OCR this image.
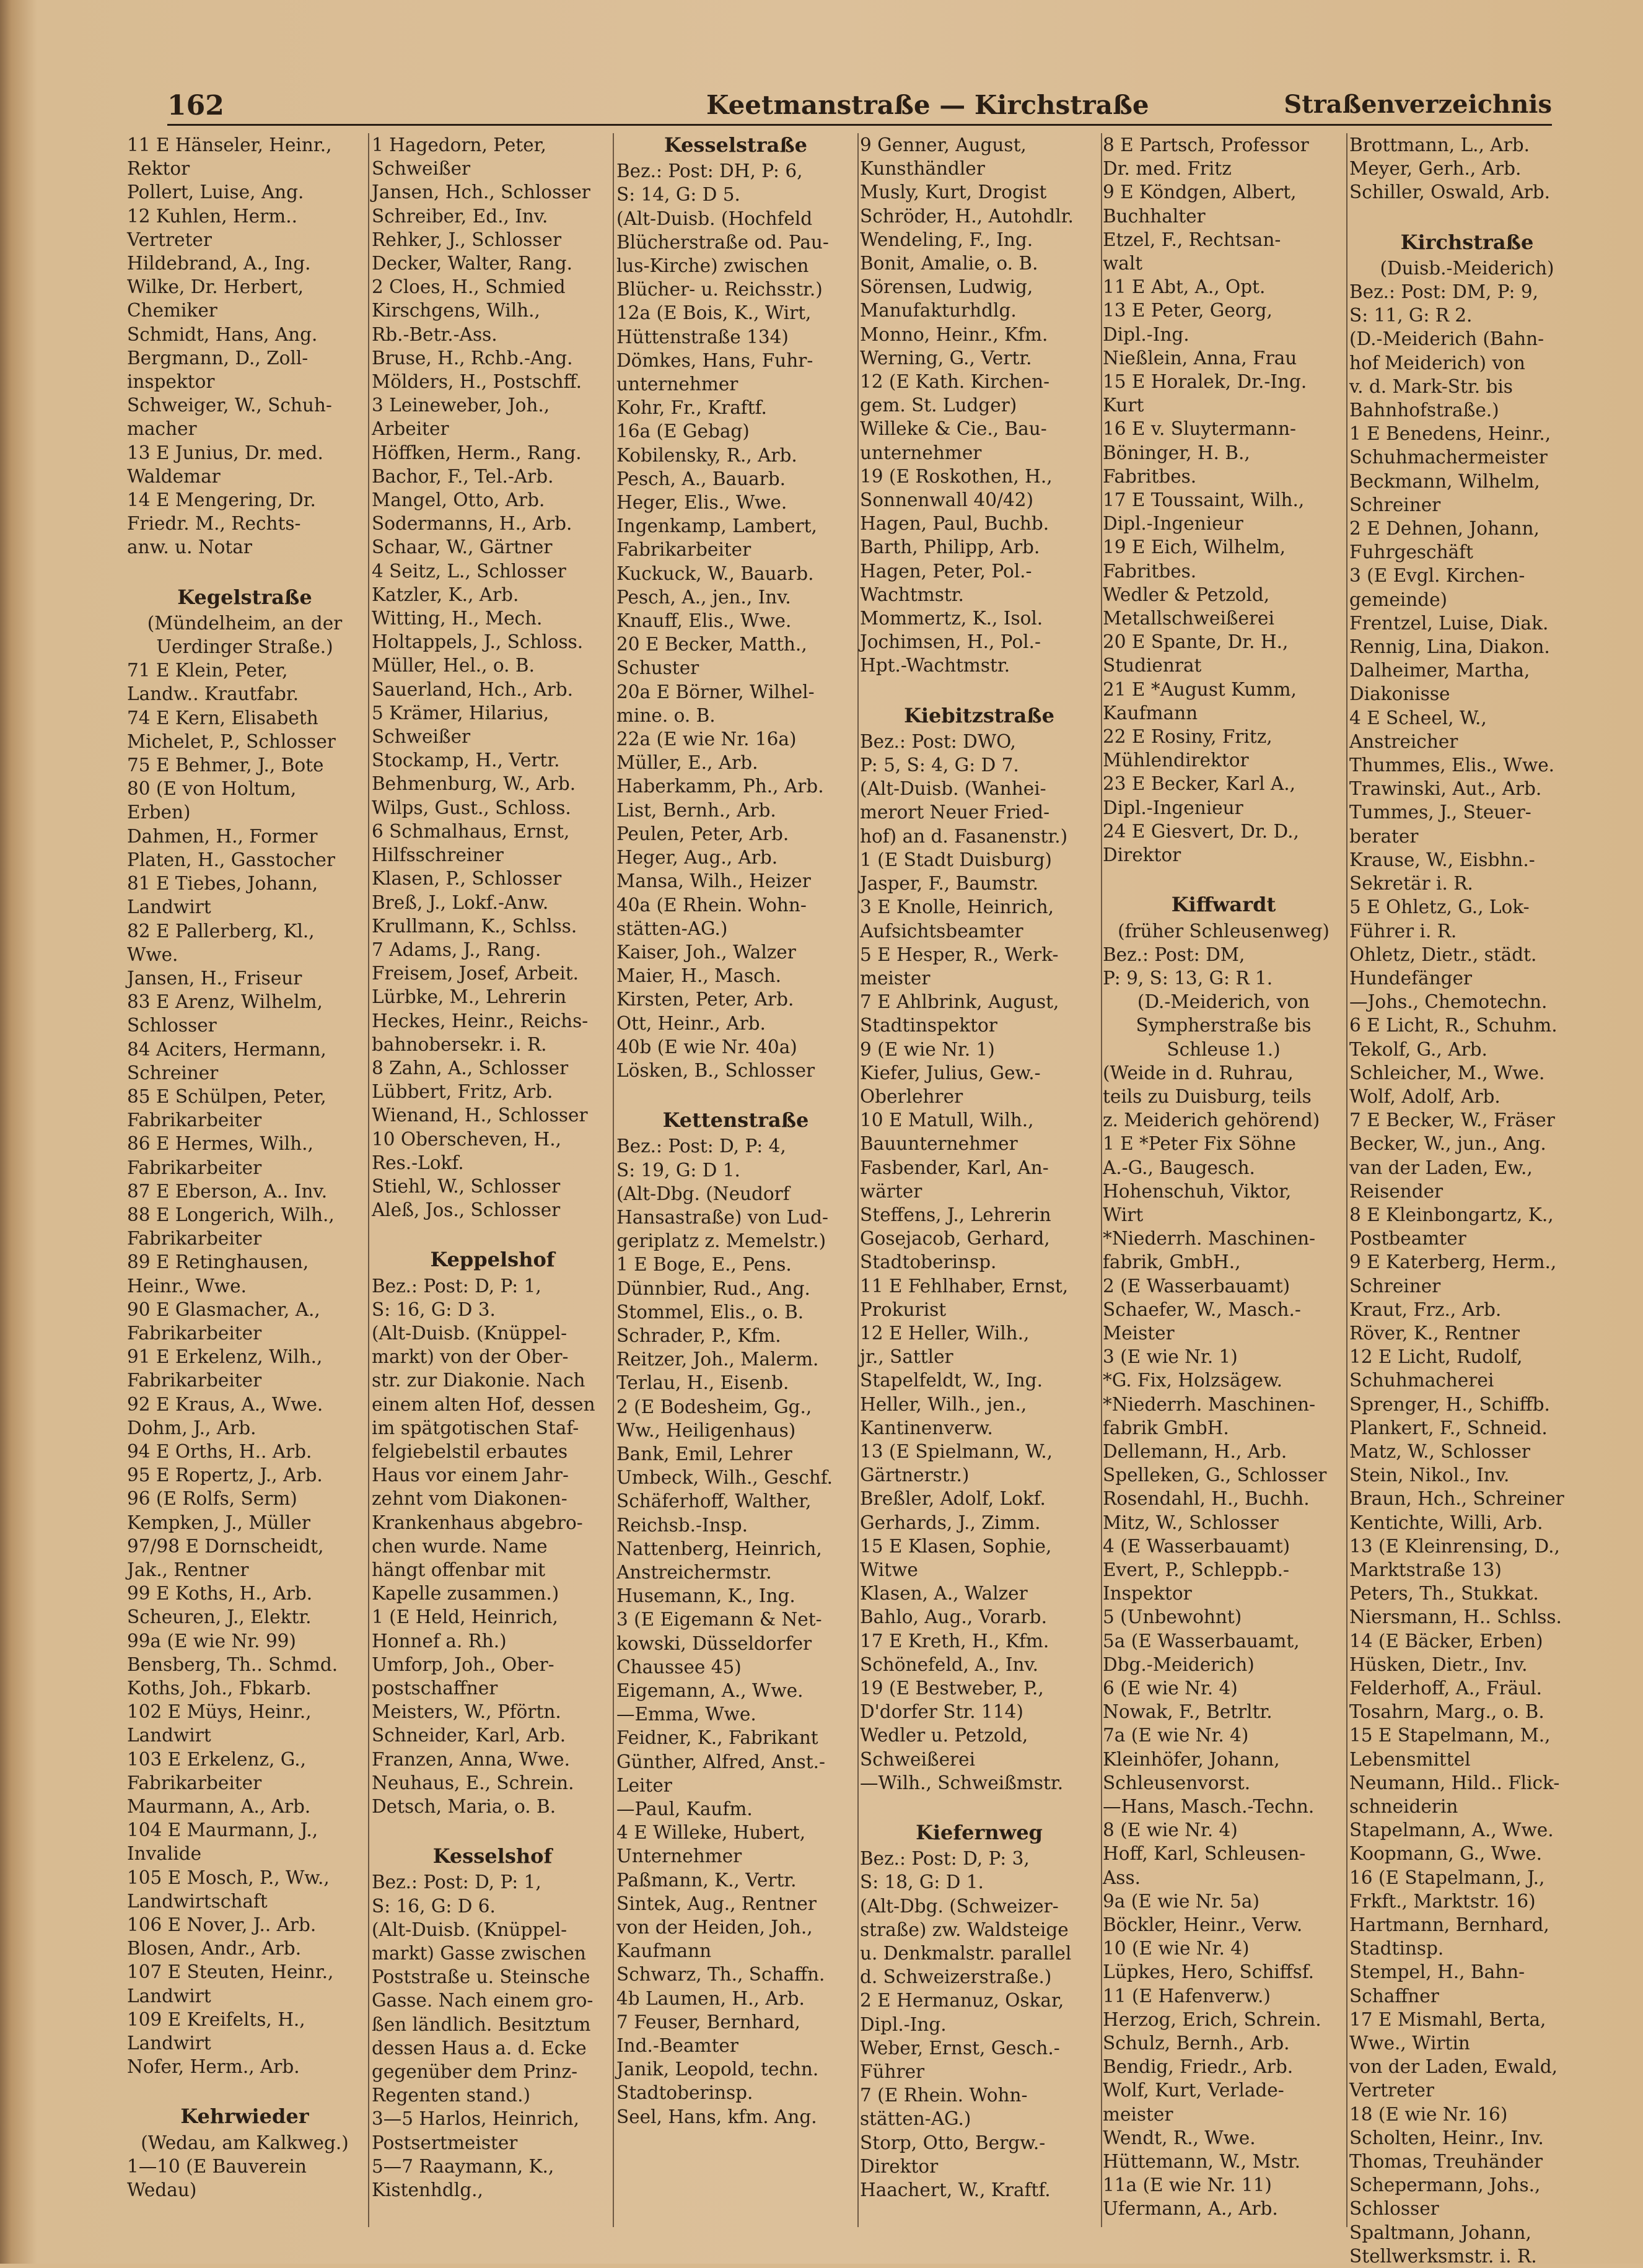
162	Keetmanstraße — Kirchstraße	Straßenverzeichnis
11 E Hänseler, Heinr.,
Rektor
Pollert, Luise, Ang.
12 Kuhlen, Herm..
Vertreter
Hildebrand, A., Ing.
Wilke, Dr. Herbert,
Chemiker
Schmidt, Hans, Ang.
Bergmann, D., Zoll-
inspektor
Schweiger, W., Schuh-
macher
13 E Junius, Dr. med.
Waldemar
14 E Mengering, Dr.
Friedr. M., Rechts-
anw. u. Notar
Kegelstraße
(Mündelheim, an der
Uerdinger Straße.)
71 E Klein, Peter,
Landw.. Krautfabr.
74 E Kern, Elisabeth
Michelet, P., Schlosser
75 E Behmer, J., Bote
80 (E von Holtum,
Erben)
Dahmen, H., Former
Platen, H., Gasstocher
81 E Tiebes, Johann,
Landwirt
82 E Pallerberg, Kl.,
Wwe.
Jansen, H., Friseur
83 E Arenz, Wilhelm,
Schlosser
84 Aciters, Hermann,
Schreiner
85 E Schülpen, Peter,
Fabrikarbeiter
86 E Hermes, Wilh.,
Fabrikarbeiter
87 E Eberson, A.. Inv.
88 E Longerich, Wilh.,
Fabrikarbeiter
89 E Retinghausen,
Heinr., Wwe.
90 E Glasmacher, A.,
Fabrikarbeiter
91 E Erkelenz, Wilh.,
Fabrikarbeiter
92 E Kraus, A., Wwe.
Dohm, J., Arb.
94 E Orths, H.. Arb.
95 E Ropertz, J., Arb.
96 (E Rolfs, Serm)
Kempken, J., Müller
97/98 E Dornscheidt,
Jak., Rentner
99 E Koths, H., Arb.
Scheuren, J., Elektr.
99a (E wie Nr. 99)
Bensberg, Th.. Schmd.
Koths, Joh., Fbkarb.
102 E Müys, Heinr.,
Landwirt
103 E Erkelenz, G.,
Fabrikarbeiter
Maurmann, A., Arb.
104 E Maurmann, J.,
Invalide
105 E Mosch, P., Ww.,
Landwirtschaft
106 E Nover, J.. Arb.
Blosen, Andr., Arb.
107 E Steuten, Heinr.,
Landwirt
109 E Kreifelts, H.,
Landwirt
Nofer, Herm., Arb.
Kehrwieder
(Wedau, am Kalkweg.)
1—10 (E Bauverein
Wedau)
1 Hagedorn, Peter,
Schweißer
Jansen, Hch., Schlosser
Schreiber, Ed., Inv.
Rehker, J., Schlosser
Decker, Walter, Rang.
2 Cloes, H., Schmied
Kirschgens, Wilh.,
Rb.-Betr.-Ass.
Bruse, H., Rchb.-Ang.
Mölders, H., Postschff.
3 Leineweber, Joh.,
Arbeiter
Höffken, Herm., Rang.
Bachor, F., Tel.-Arb.
Mangel, Otto, Arb.
Sodermanns, H., Arb.
Schaar, W., Gärtner
4 Seitz, L., Schlosser
Katzler, K., Arb.
Witting, H., Mech.
Holtappels, J., Schloss.
Müller, Hel., o. B.
Sauerland, Hch., Arb.
5 Krämer, Hilarius,
Schweißer
Stockamp, H., Vertr.
Behmenburg, W., Arb.
Wilps, Gust., Schloss.
6 Schmalhaus, Ernst,
Hilfsschreiner
Klasen, P., Schlosser
Breß, J., Lokf.-Anw.
Krullmann, K., Schlss.
7 Adams, J., Rang.
Freisem, Josef, Arbeit.
Lürbke, M., Lehrerin
Heckes, Heinr., Reichs-
bahnobersekr. i. R.
8 Zahn, A., Schlosser
Lübbert, Fritz, Arb.
Wienand, H., Schlosser
10 Oberscheven, H.,
Res.-Lokf.
Stiehl, W., Schlosser
Aleß, Jos., Schlosser
Keppelshof
Bez.: Post: D, P: 1,
S: 16, G: D 3.
(Alt-Duisb. (Knüppel-
markt) von der Ober-
str. zur Diakonie. Nach
einem alten Hof, dessen
im spätgotischen Staf-
felgiebelstil erbautes
Haus vor einem Jahr-
zehnt vom Diakonen-
Krankenhaus abgebro-
chen wurde. Name
hängt offenbar mit
Kapelle zusammen.)
1 (E Held, Heinrich,
Honnef a. Rh.)
Umforp, Joh., Ober-
postschaffner
Meisters, W., Pförtn.
Schneider, Karl, Arb.
Franzen, Anna, Wwe.
Neuhaus, E., Schrein.
Detsch, Maria, o. B.
Kesselshof
Bez.: Post: D, P: 1,
S: 16, G: D 6.
(Alt-Duisb. (Knüppel-
markt) Gasse zwischen
Poststraße u. Steinsche
Gasse. Nach einem gro-
ßen ländlich. Besitztum
dessen Haus a. d. Ecke
gegenüber dem Prinz-
Regenten stand.)
3—5 Harlos, Heinrich,
Postsertmeister
5—7 Raaymann, K.,
Kistenhdlg.,
Kesselstraße
Bez.: Post: DH, P: 6,
S: 14, G: D 5.
(Alt-Duisb. (Hochfeld
Blücherstraße od. Pau-
lus-Kirche) zwischen
Blücher- u. Reichsstr.)
12a (E Bois, K., Wirt,
Hüttenstraße 134)
Dömkes, Hans, Fuhr-
unternehmer
Kohr, Fr., Kraftf.
16a (E Gebag)
Kobilensky, R., Arb.
Pesch, A., Bauarb.
Heger, Elis., Wwe.
Ingenkamp, Lambert,
Fabrikarbeiter
Kuckuck, W., Bauarb.
Pesch, A., jen., Inv.
Knauff, Elis., Wwe.
20 E Becker, Matth.,
Schuster
20a E Börner, Wilhel-
mine. o. B.
22a (E wie Nr. 16a)
Müller, E., Arb.
Haberkamm, Ph., Arb.
List, Bernh., Arb.
Peulen, Peter, Arb.
Heger, Aug., Arb.
Mansa, Wilh., Heizer
40a (E Rhein. Wohn-
stätten-AG.)
Kaiser, Joh., Walzer
Maier, H., Masch.
Kirsten, Peter, Arb.
Ott, Heinr., Arb.
40b (E wie Nr. 40a)
Lösken, B., Schlosser
Kettenstraße
Bez.: Post: D, P: 4,
S: 19, G: D 1.
(Alt-Dbg. (Neudorf
Hansastraße) von Lud-
geriplatz z. Memelstr.)
1 E Boge, E., Pens.
Dünnbier, Rud., Ang.
Stommel, Elis., o. B.
Schrader, P., Kfm.
Reitzer, Joh., Malerm.
Terlau, H., Eisenb.
2 (E Bodesheim, Gg.,
Ww., Heiligenhaus)
Bank, Emil, Lehrer
Umbeck, Wilh., Geschf.
Schäferhoff, Walther,
Reichsb.-Insp.
Nattenberg, Heinrich,
Anstreichermstr.
Husemann, K., Ing.
3 (E Eigemann & Net-
kowski, Düsseldorfer
Chaussee 45)
Eigemann, A., Wwe.
—Emma, Wwe.
Feidner, K., Fabrikant
Günther, Alfred, Anst.-
Leiter
—Paul, Kaufm.
4 E Willeke, Hubert,
Unternehmer
Paßmann, K., Vertr.
Sintek, Aug., Rentner
von der Heiden, Joh.,
Kaufmann
Schwarz, Th., Schaffn.
4b Laumen, H., Arb.
7 Feuser, Bernhard,
Ind.-Beamter
Janik, Leopold, techn.
Stadtoberinsp.
Seel, Hans, kfm. Ang.
9 Genner, August,
Kunsthändler
Musly, Kurt, Drogist
Schröder, H., Autohdlr.
Wendeling, F., Ing.
Bonit, Amalie, o. B.
Sörensen, Ludwig,
Manufakturhdlg.
Monno, Heinr., Kfm.
Werning, G., Vertr.
12 (E Kath. Kirchen-
gem. St. Ludger)
Willeke & Cie., Bau-
unternehmer
19 (E Roskothen, H.,
Sonnenwall 40/42)
Hagen, Paul, Buchb.
Barth, Philipp, Arb.
Hagen, Peter, Pol.-
Wachtmstr.
Mommertz, K., Isol.
Jochimsen, H., Pol.-
Hpt.-Wachtmstr.
Kiebitzstraße
Bez.: Post: DWO,
P: 5, S: 4, G: D 7.
(Alt-Duisb. (Wanhei-
merort Neuer Fried-
hof) an d. Fasanenstr.)
1 (E Stadt Duisburg)
Jasper, F., Baumstr.
3 E Knolle, Heinrich,
Aufsichtsbeamter
5 E Hesper, R., Werk-
meister
7 E Ahlbrink, August,
Stadtinspektor
9 (E wie Nr. 1)
Kiefer, Julius, Gew.-
Oberlehrer
10 E Matull, Wilh.,
Bauunternehmer
Fasbender, Karl, An-
wärter
Steffens, J., Lehrerin
Gosejacob, Gerhard,
Stadtoberinsp.
11 E Fehlhaber, Ernst,
Prokurist
12 E Heller, Wilh.,
jr., Sattler
Stapelfeldt, W., Ing.
Heller, Wilh., jen.,
Kantinenverw.
13 (E Spielmann, W.,
Gärtnerstr.)
Breßler, Adolf, Lokf.
Gerhards, J., Zimm.
15 E Klasen, Sophie,
Witwe
Klasen, A., Walzer
Bahlo, Aug., Vorarb.
17 E Kreth, H., Kfm.
Schönefeld, A., Inv.
19 (E Bestweber, P.,
D'dorfer Str. 114)
Wedler u. Petzold,
Schweißerei
—Wilh., Schweißmstr.
Kiefernweg
Bez.: Post: D, P: 3,
S: 18, G: D 1.
(Alt-Dbg. (Schweizer-
straße) zw. Waldsteige
u. Denkmalstr. parallel
d. Schweizerstraße.)
2 E Hermanuz, Oskar,
Dipl.-Ing.
Weber, Ernst, Gesch.-
Führer
7 (E Rhein. Wohn-
stätten-AG.)
Storp, Otto, Bergw.-
Direktor
Haachert, W., Kraftf.
8 E Partsch, Professor
Dr. med. Fritz
9 E Köndgen, Albert,
Buchhalter
Etzel, F., Rechtsan-
walt
11 E Abt, A., Opt.
13 E Peter, Georg,
Dipl.-Ing.
Nießlein, Anna, Frau
15 E Horalek, Dr.-Ing.
Kurt
16 E v. Sluytermann-
Böninger, H. B.,
Fabritbes.
17 E Toussaint, Wilh.,
Dipl.-Ingenieur
19 E Eich, Wilhelm,
Fabritbes.
Wedler & Petzold,
Metallschweißerei
20 E Spante, Dr. H.,
Studienrat
21 E *August Kumm,
Kaufmann
22 E Rosiny, Fritz,
Mühlendirektor
23 E Becker, Karl A.,
Dipl.-Ingenieur
24 E Giesvert, Dr. D.,
Direktor
Kiffwardt
(früher Schleusenweg)
Bez.: Post: DM,
P: 9, S: 13, G: R 1.
(D.-Meiderich, von
Sympherstraße bis
Schleuse 1.)
(Weide in d. Ruhrau,
teils zu Duisburg, teils
z. Meiderich gehörend)
1 E *Peter Fix Söhne
A.-G., Baugesch.
Hohenschuh, Viktor,
Wirt
*Niederrh. Maschinen-
fabrik, GmbH.,
2 (E Wasserbauamt)
Schaefer, W., Masch.-
Meister
3 (E wie Nr. 1)
*G. Fix, Holzsägew.
*Niederrh. Maschinen-
fabrik GmbH.
Dellemann, H., Arb.
Spelleken, G., Schlosser
Rosendahl, H., Buchh.
Mitz, W., Schlosser
4 (E Wasserbauamt)
Evert, P., Schleppb.-
Inspektor
5 (Unbewohnt)
5a (E Wasserbauamt,
Dbg.-Meiderich)
6 (E wie Nr. 4)
Nowak, F., Betrltr.
7a (E wie Nr. 4)
Kleinhöfer, Johann,
Schleusenvorst.
—Hans, Masch.-Techn.
8 (E wie Nr. 4)
Hoff, Karl, Schleusen-
Ass.
9a (E wie Nr. 5a)
Böckler, Heinr., Verw.
10 (E wie Nr. 4)
Lüpkes, Hero, Schiffsf.
11 (E Hafenverw.)
Herzog, Erich, Schrein.
Schulz, Bernh., Arb.
Bendig, Friedr., Arb.
Wolf, Kurt, Verlade-
meister
Wendt, R., Wwe.
Hüttemann, W., Mstr.
11a (E wie Nr. 11)
Ufermann, A., Arb.
Brottmann, L., Arb.
Meyer, Gerh., Arb.
Schiller, Oswald, Arb.
Kirchstraße
(Duisb.-Meiderich)
Bez.: Post: DM, P: 9,
S: 11, G: R 2.
(D.-Meiderich (Bahn-
hof Meiderich) von
v. d. Mark-Str. bis
Bahnhofstraße.)
1 E Benedens, Heinr.,
Schuhmachermeister
Beckmann, Wilhelm,
Schreiner
2 E Dehnen, Johann,
Fuhrgeschäft
3 (E Evgl. Kirchen-
gemeinde)
Frentzel, Luise, Diak.
Rennig, Lina, Diakon.
Dalheimer, Martha,
Diakonisse
4 E Scheel, W.,
Anstreicher
Thummes, Elis., Wwe.
Trawinski, Aut., Arb.
Tummes, J., Steuer-
berater
Krause, W., Eisbhn.-
Sekretär i. R.
5 E Ohletz, G., Lok-
Führer i. R.
Ohletz, Dietr., städt.
Hundefänger
—Johs., Chemotechn.
6 E Licht, R., Schuhm.
Tekolf, G., Arb.
Schleicher, M., Wwe.
Wolf, Adolf, Arb.
7 E Becker, W., Fräser
Becker, W., jun., Ang.
van der Laden, Ew.,
Reisender
8 E Kleinbongartz, K.,
Postbeamter
9 E Katerberg, Herm.,
Schreiner
Kraut, Frz., Arb.
Röver, K., Rentner
12 E Licht, Rudolf,
Schuhmacherei
Sprenger, H., Schiffb.
Plankert, F., Schneid.
Matz, W., Schlosser
Stein, Nikol., Inv.
Braun, Hch., Schreiner
Kentichte, Willi, Arb.
13 (E Kleinrensing, D.,
Marktstraße 13)
Peters, Th., Stukkat.
Niersmann, H.. Schlss.
14 (E Bäcker, Erben)
Hüsken, Dietr., Inv.
Felderhoff, A., Fräul.
Tosahrn, Marg., o. B.
15 E Stapelmann, M.,
Lebensmittel
Neumann, Hild.. Flick-
schneiderin
Stapelmann, A., Wwe.
Koopmann, G., Wwe.
16 (E Stapelmann, J.,
Frkft., Marktstr. 16)
Hartmann, Bernhard,
Stadtinsp.
Stempel, H., Bahn-
Schaffner
17 E Mismahl, Berta,
Wwe., Wirtin
von der Laden, Ewald,
Vertreter
18 (E wie Nr. 16)
Scholten, Heinr., Inv.
Thomas, Treuhänder
Schepermann, Johs.,
Schlosser
Spaltmann, Johann,
Stellwerksmstr. i. R.
